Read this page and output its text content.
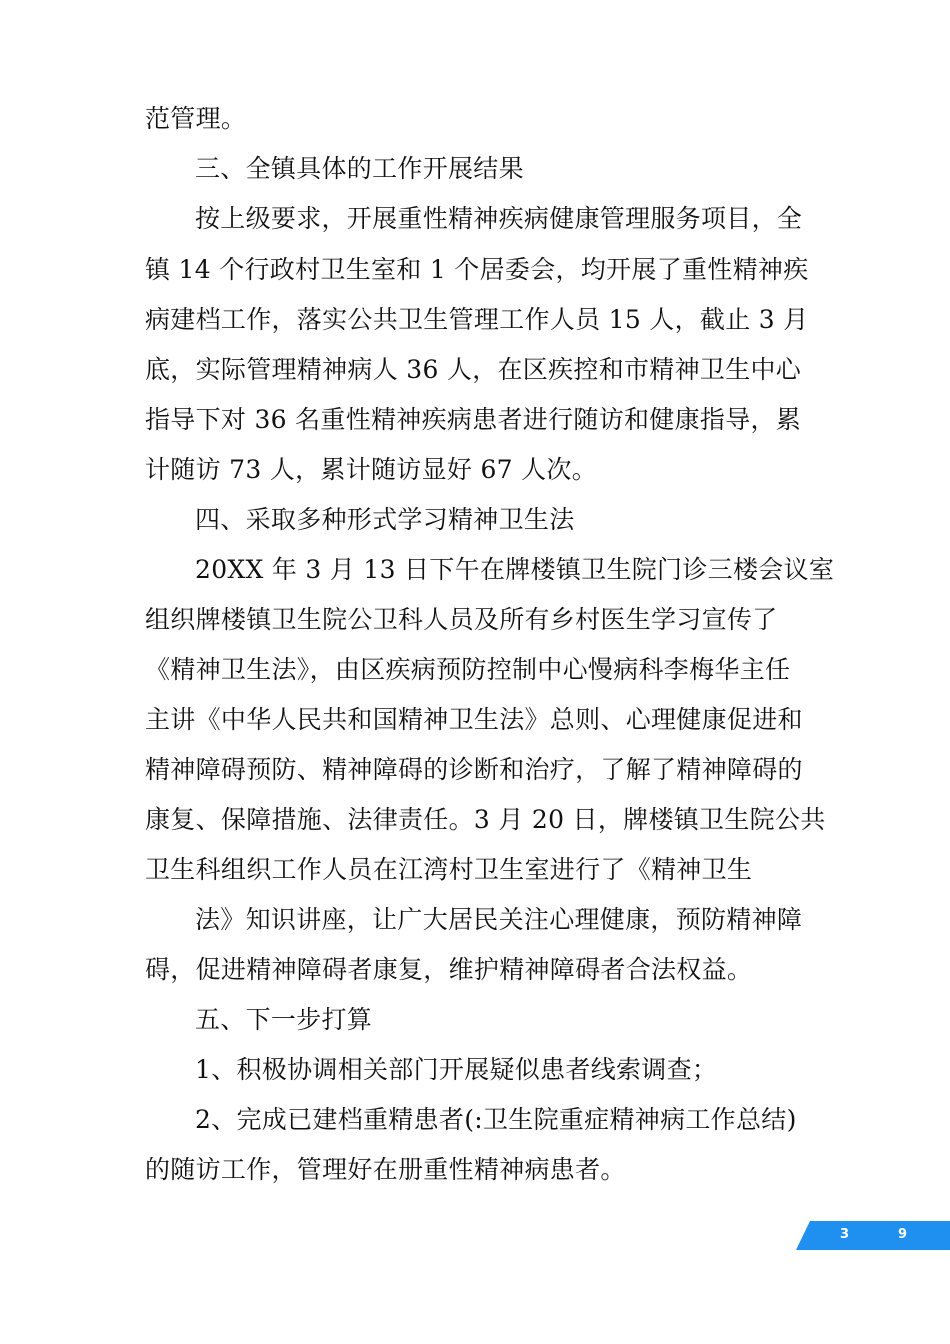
范管理。
三、全镇具体的工作开展结果
按上级要求，开展重性精神疾病健康管理服务项目，全
镇 14 个行政村卫生室和 1 个居委会，均开展了重性精神疾
病建档工作，落实公共卫生管理工作人员 15 人，截止 3 月
底，实际管理精神病人 36 人，在区疾控和市精神卫生中心
指导下对 36 名重性精神疾病患者进行随访和健康指导，累
计随访 73 人，累计随访显好 67 人次。
四、采取多种形式学习精神卫生法
20XX 年 3 月 13 日下午在牌楼镇卫生院门诊三楼会议室
组织牌楼镇卫生院公卫科人员及所有乡村医生学习宣传了
《精神卫生法》，由区疾病预防控制中心慢病科李梅华主任
主讲《中华人民共和国精神卫生法》总则、心理健康促进和
精神障碍预防、精神障碍的诊断和治疗，了解了精神障碍的
康复、保障措施、法律责任。3 月 20 日，牌楼镇卫生院公共
卫生科组织工作人员在江湾村卫生室进行了《精神卫生
法》知识讲座，让广大居民关注心理健康，预防精神障
碍，促进精神障碍者康复，维护精神障碍者合法权益。
五、下一步打算
1、积极协调相关部门开展疑似患者线索调查；
2、完成已建档重精患者(:卫生院重症精神病工作总结)
的随访工作，管理好在册重性精神病患者。
3	9
